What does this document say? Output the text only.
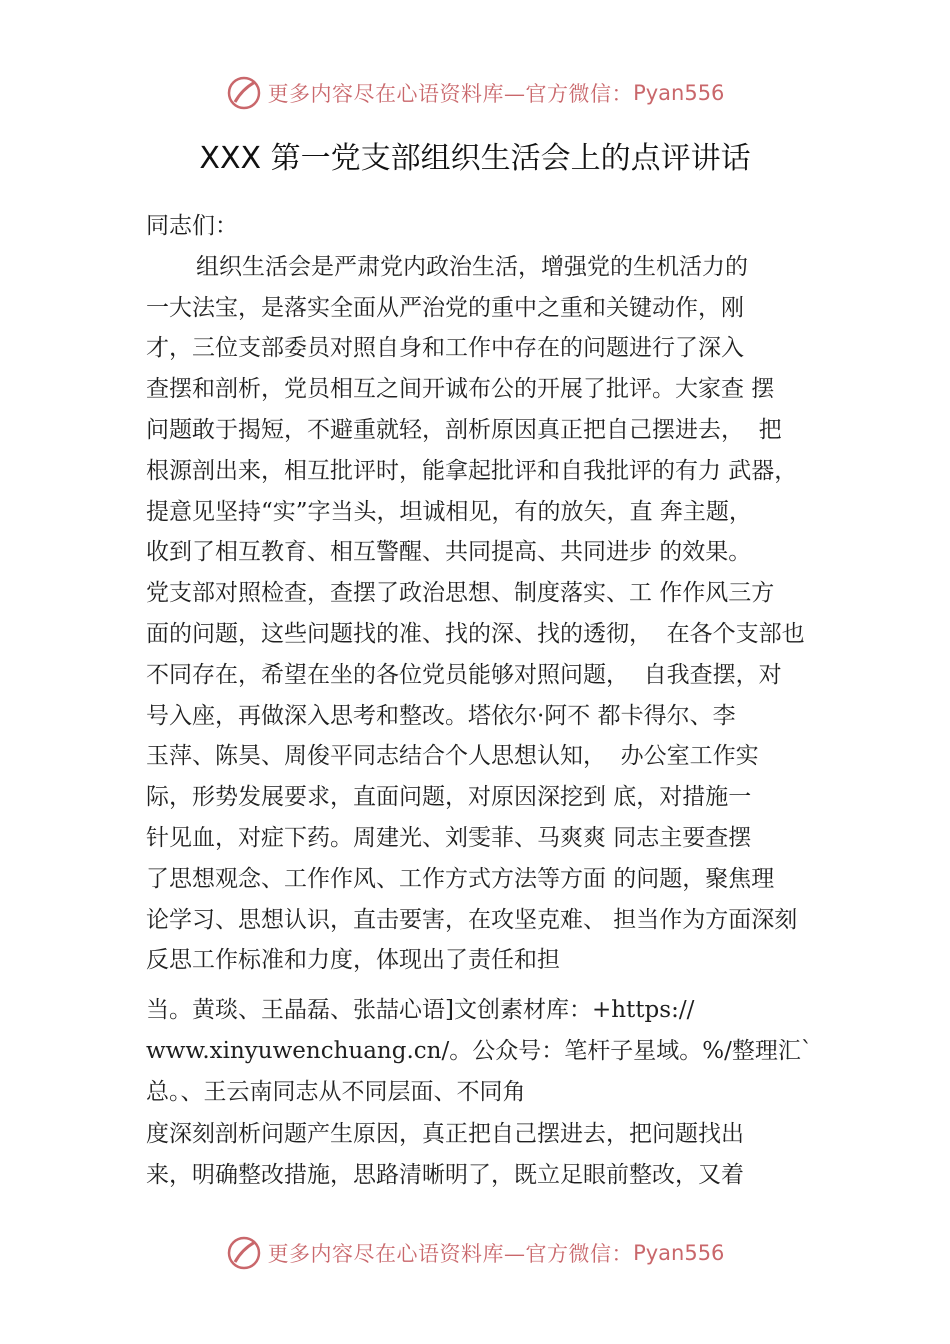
更多内容尽在心语资料库—官方微信： Pyan556
XXX 第一党支部组织生活会上的点评讲话

同志们：

组织生活会是严肃党内政治生活，增强党的生机活力的

一大法宝，是落实全面从严治党的重中之重和关键动作，刚

才，三位支部委员对照自身和工作中存在的问题进行了深入

查摆和剖析，党员相互之间开诚布公的开展了批评。大家查 摆

问题敢于揭短，不避重就轻，剖析原因真正把自己摆进去，  把

根源剖出来，相互批评时，能拿起批评和自我批评的有力 武器，

提意见坚持“实”字当头，坦诚相见，有的放矢，直 奔主题，

收到了相互教育、相互警醒、共同提高、共同进步 的效果。

党支部对照检查，查摆了政治思想、制度落实、工 作作风三方

面的问题，这些问题找的准、找的深、找的透彻，  在各个支部也

不同存在，希望在坐的各位党员能够对照问题，  自我查摆，对

号入座，再做深入思考和整改。塔依尔·阿不 都卡得尔、李

玉萍、陈昊、周俊平同志结合个人思想认知，  办公室工作实

际，形势发展要求，直面问题，对原因深挖到 底，对措施一

针见血，对症下药。周建光、刘雯菲、马爽爽 同志主要查摆

了思想观念、工作作风、工作方式方法等方面 的问题，聚焦理

论学习、思想认识，直击要害，在攻坚克难、 担当作为方面深刻

反思工作标准和力度，体现出了责任和担

当。黄琰、王晶磊、张喆心语]文创素材库：+https://

www.xinyuwenchuang.cn/。公众号：笔杆子星域。%/整理汇`

总。、王云南同志从不同层面、不同角

度深刻剖析问题产生原因，真正把自己摆进去，把问题找出

来，明确整改措施，思路清晰明了，既立足眼前整改，又着

更多内容尽在心语资料库—官方微信： Pyan556
